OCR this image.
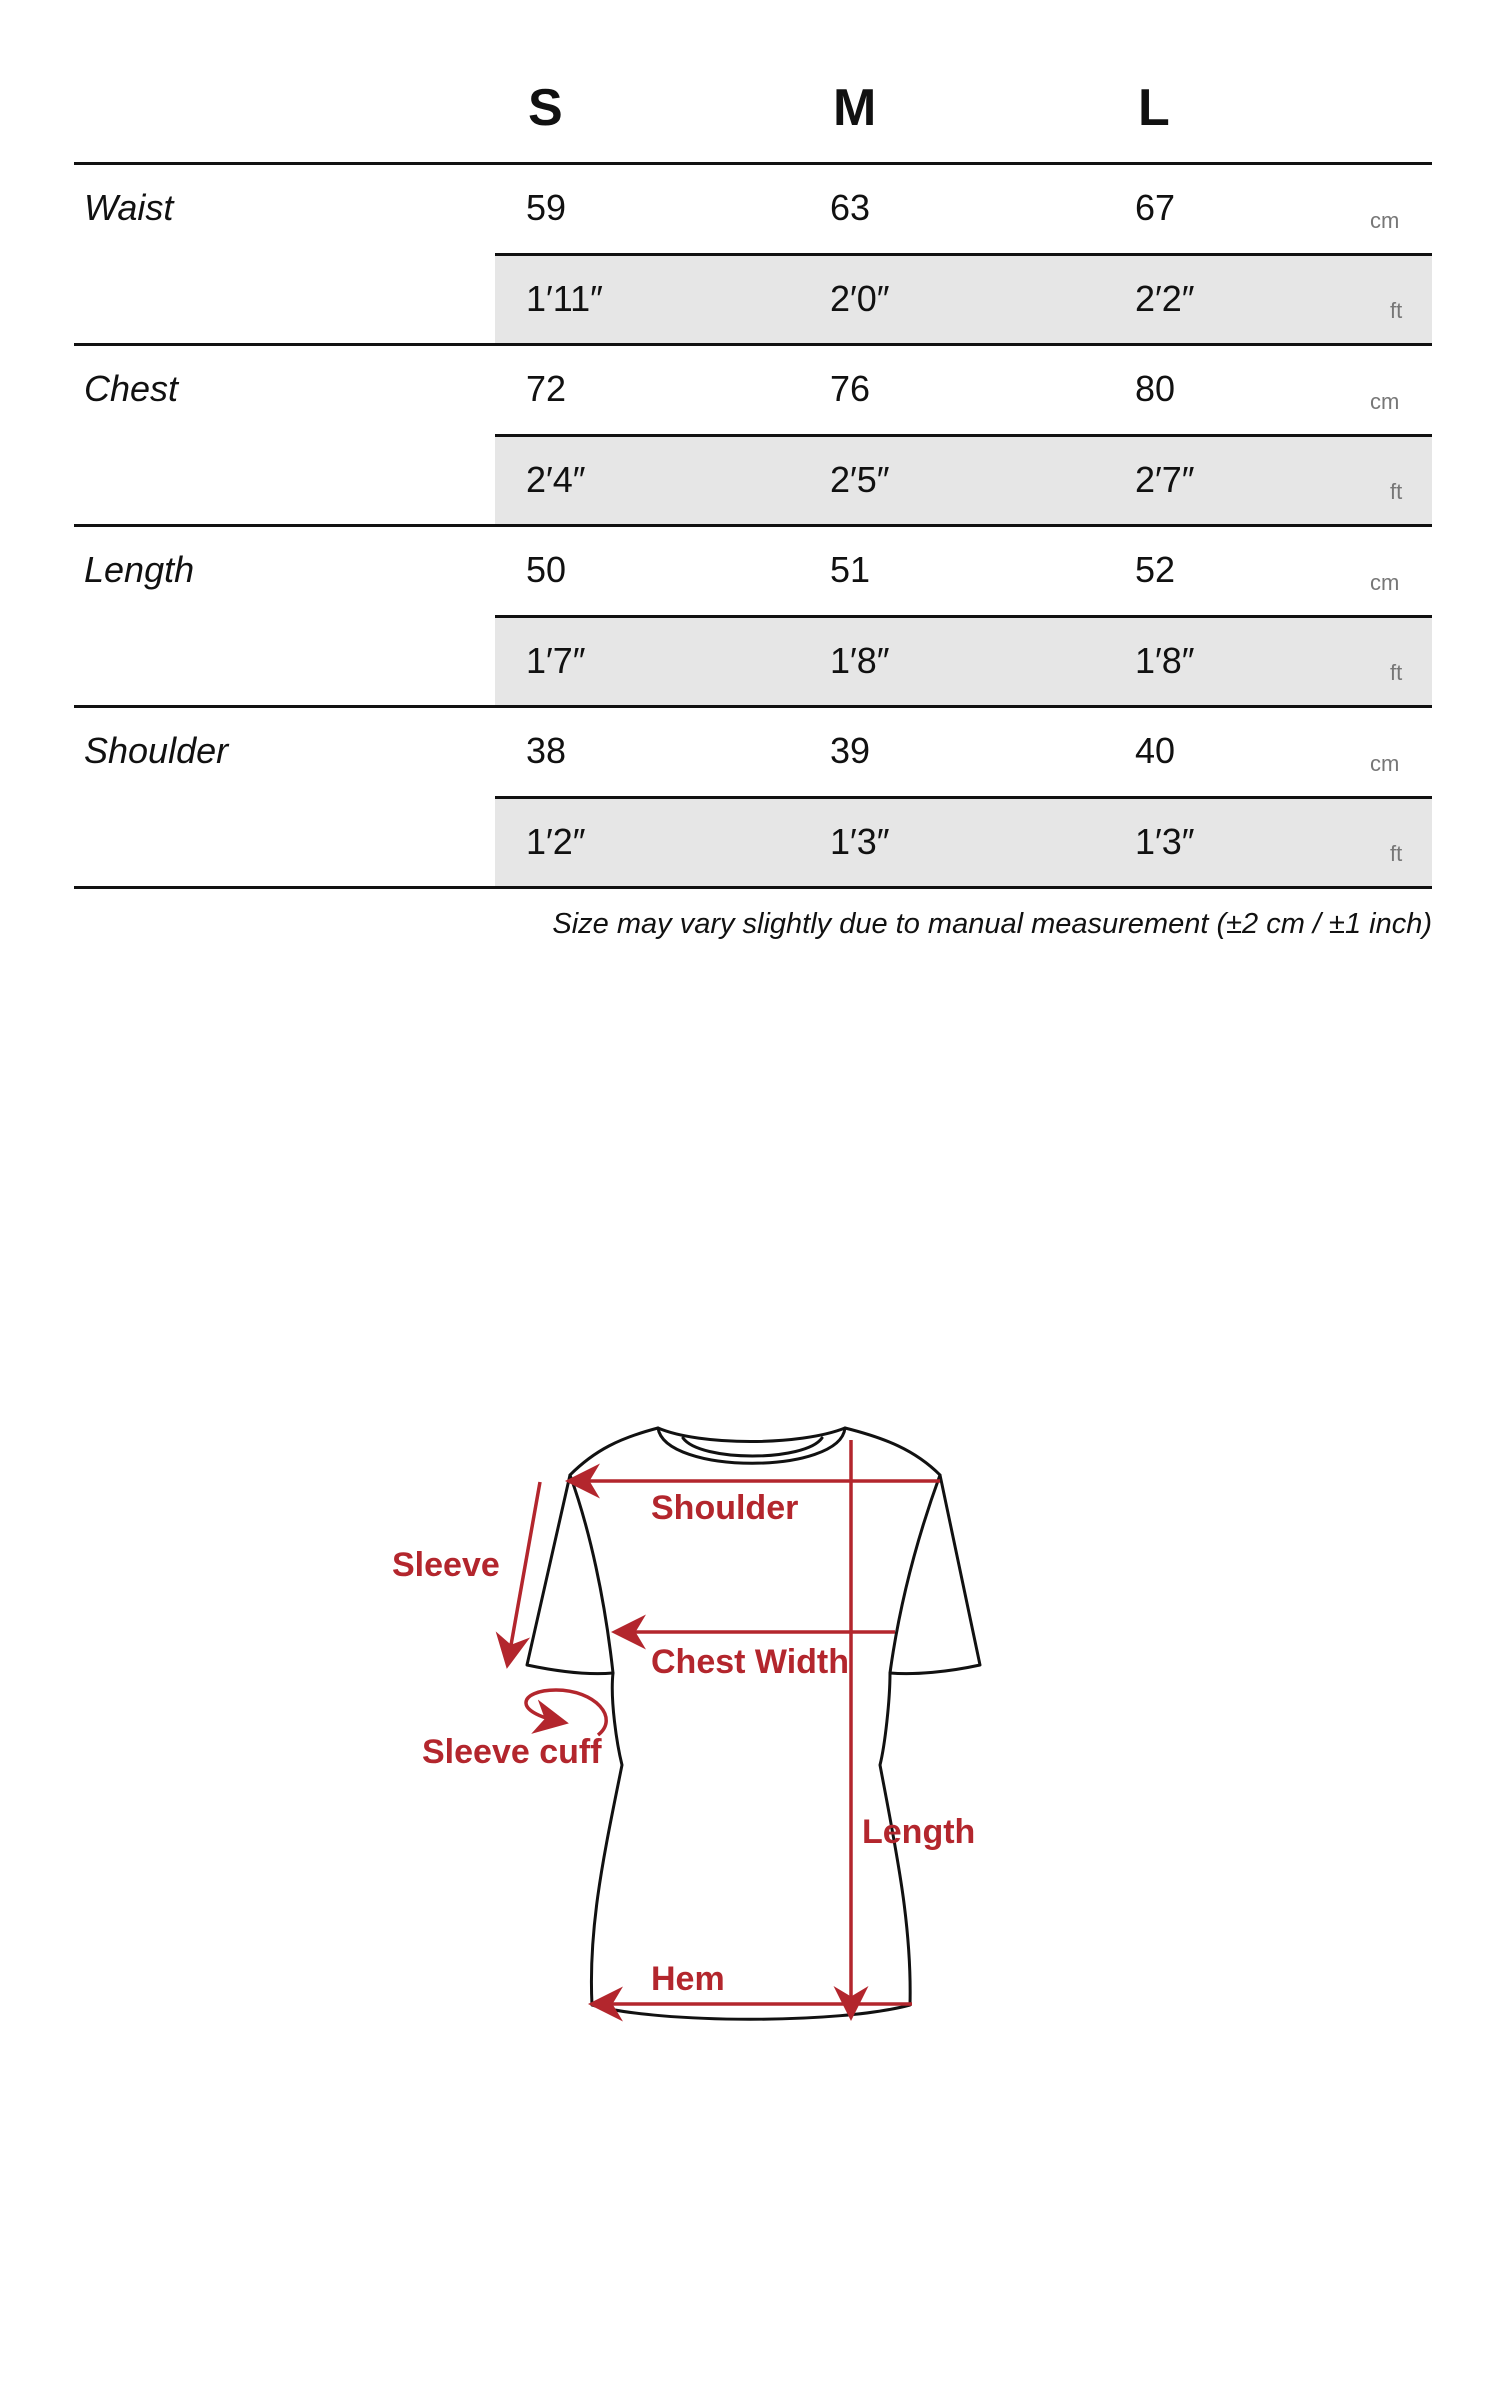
S	M	L
Waist	59	63	67	cm
1′11″	2′0″	2′2″	ft
Chest	72	76	80	cm
2′4″	2′5″	2′7″	ft
Length	50	51	52	cm
1′7″	1′8″	1′8″	ft
Shoulder	38	39	40	cm
1′2″	1′3″	1′3″	ft
Size may vary slightly due to manual measurement (±2 cm / ±1 inch)
Shoulder
Sleeve
Chest Width
Sleeve cuff
Length
Hem
